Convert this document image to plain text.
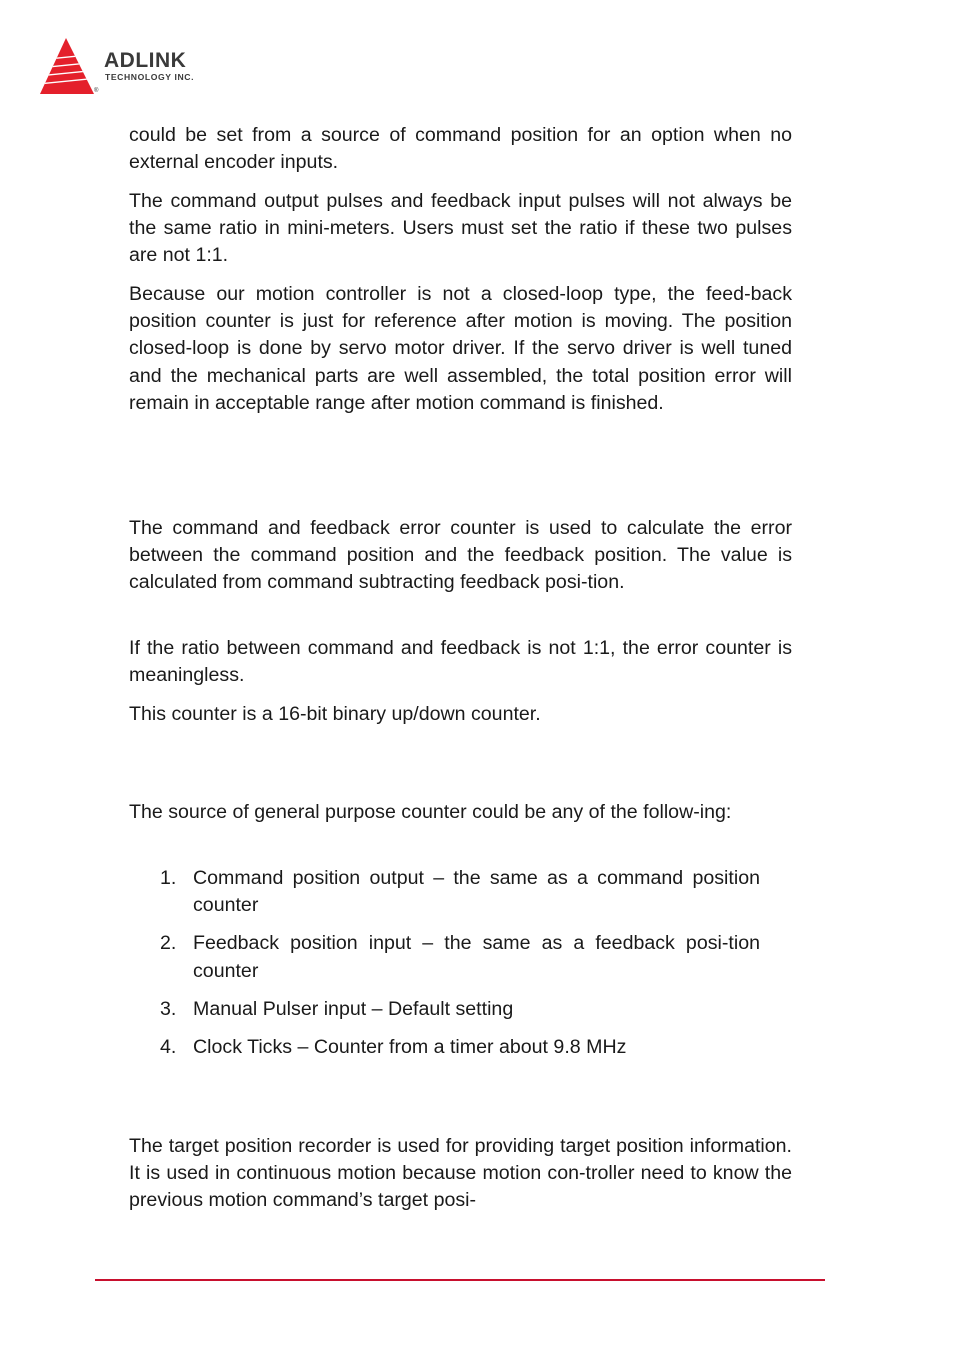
ADLINK
TECHNOLOGY INC.
®

could be set from a source of command position for an option when no external encoder inputs.

The command output pulses and feedback input pulses will not always be the same ratio in mini-meters. Users must set the ratio if these two pulses are not 1:1.

Because our motion controller is not a closed-loop type, the feed-back position counter is just for reference after motion is moving. The position closed-loop is done by servo motor driver. If the servo driver is well tuned and the mechanical parts are well assembled, the total position error will remain in acceptable range after motion command is finished.

The command and feedback error counter is used to calculate the error between the command position and the feedback position. The value is calculated from command subtracting feedback posi-tion.

If the ratio between command and feedback is not 1:1, the error counter is meaningless.

This counter is a 16-bit binary up/down counter.

The source of general purpose counter could be any of the follow-ing:

1. Command position output – the same as a command position counter
2. Feedback position input – the same as a feedback posi-tion counter
3. Manual Pulser input – Default setting
4. Clock Ticks – Counter from a timer about 9.8 MHz

The target position recorder is used for providing target position information. It is used in continuous motion because motion con-troller need to know the previous motion command’s target posi-
